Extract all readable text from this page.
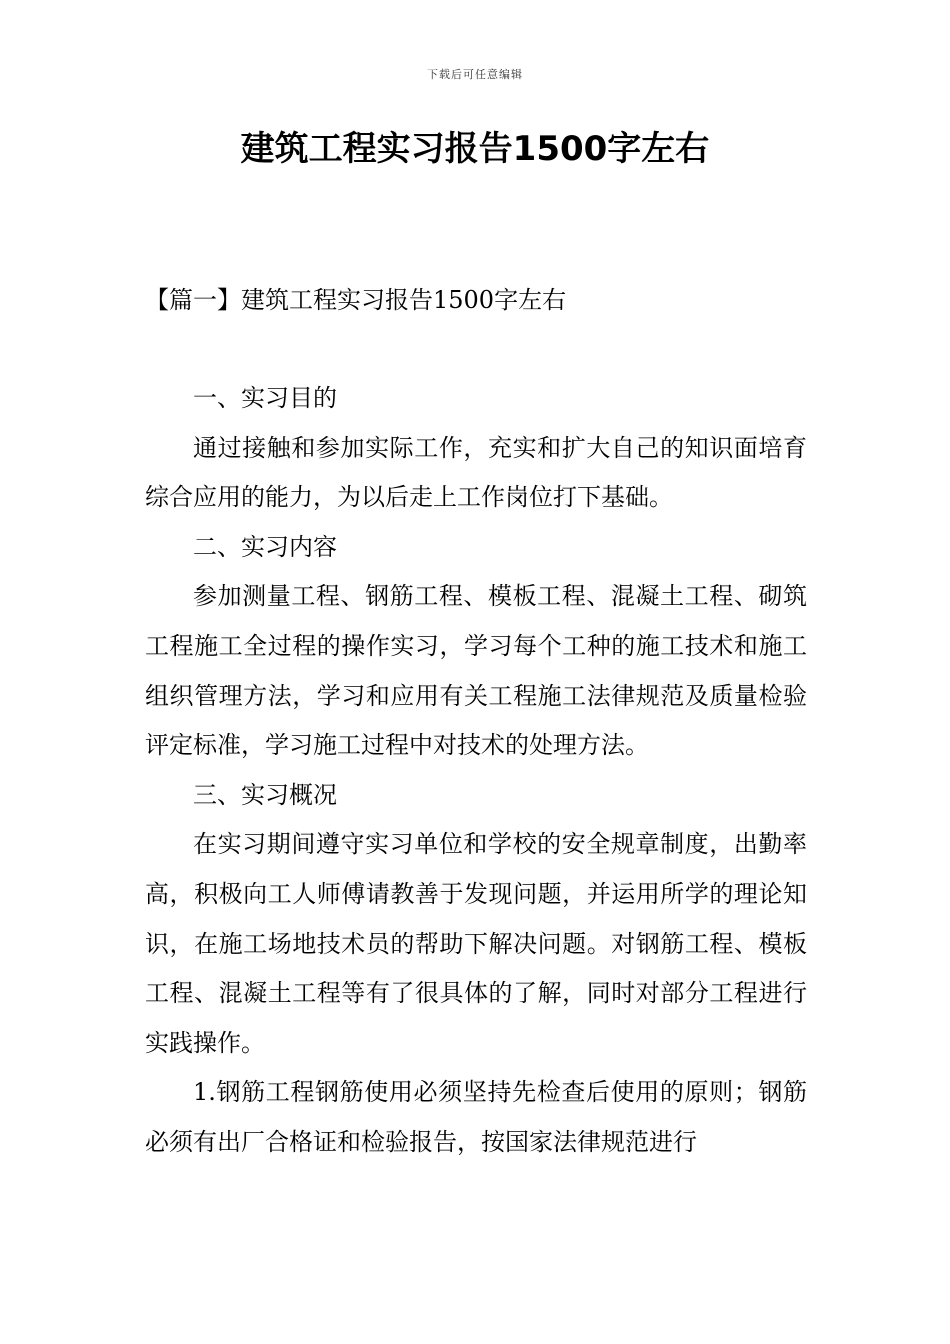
下载后可任意编辑
建筑工程实习报告1500字左右
【篇一】建筑工程实习报告1500字左右

一、实习目的

通过接触和参加实际工作，充实和扩大自己的知识面培育综合应用的能力，为以后走上工作岗位打下基础。

二、实习内容

参加测量工程、钢筋工程、模板工程、混凝土工程、砌筑工程施工全过程的操作实习，学习每个工种的施工技术和施工组织管理方法，学习和应用有关工程施工法律规范及质量检验评定标准，学习施工过程中对技术的处理方法。

三、实习概况

在实习期间遵守实习单位和学校的安全规章制度，出勤率高，积极向工人师傅请教善于发现问题，并运用所学的理论知识，在施工场地技术员的帮助下解决问题。对钢筋工程、模板工程、混凝土工程等有了很具体的了解，同时对部分工程进行实践操作。

1.钢筋工程钢筋使用必须坚持先检查后使用的原则；钢筋必须有出厂合格证和检验报告，按国家法律规范进行
